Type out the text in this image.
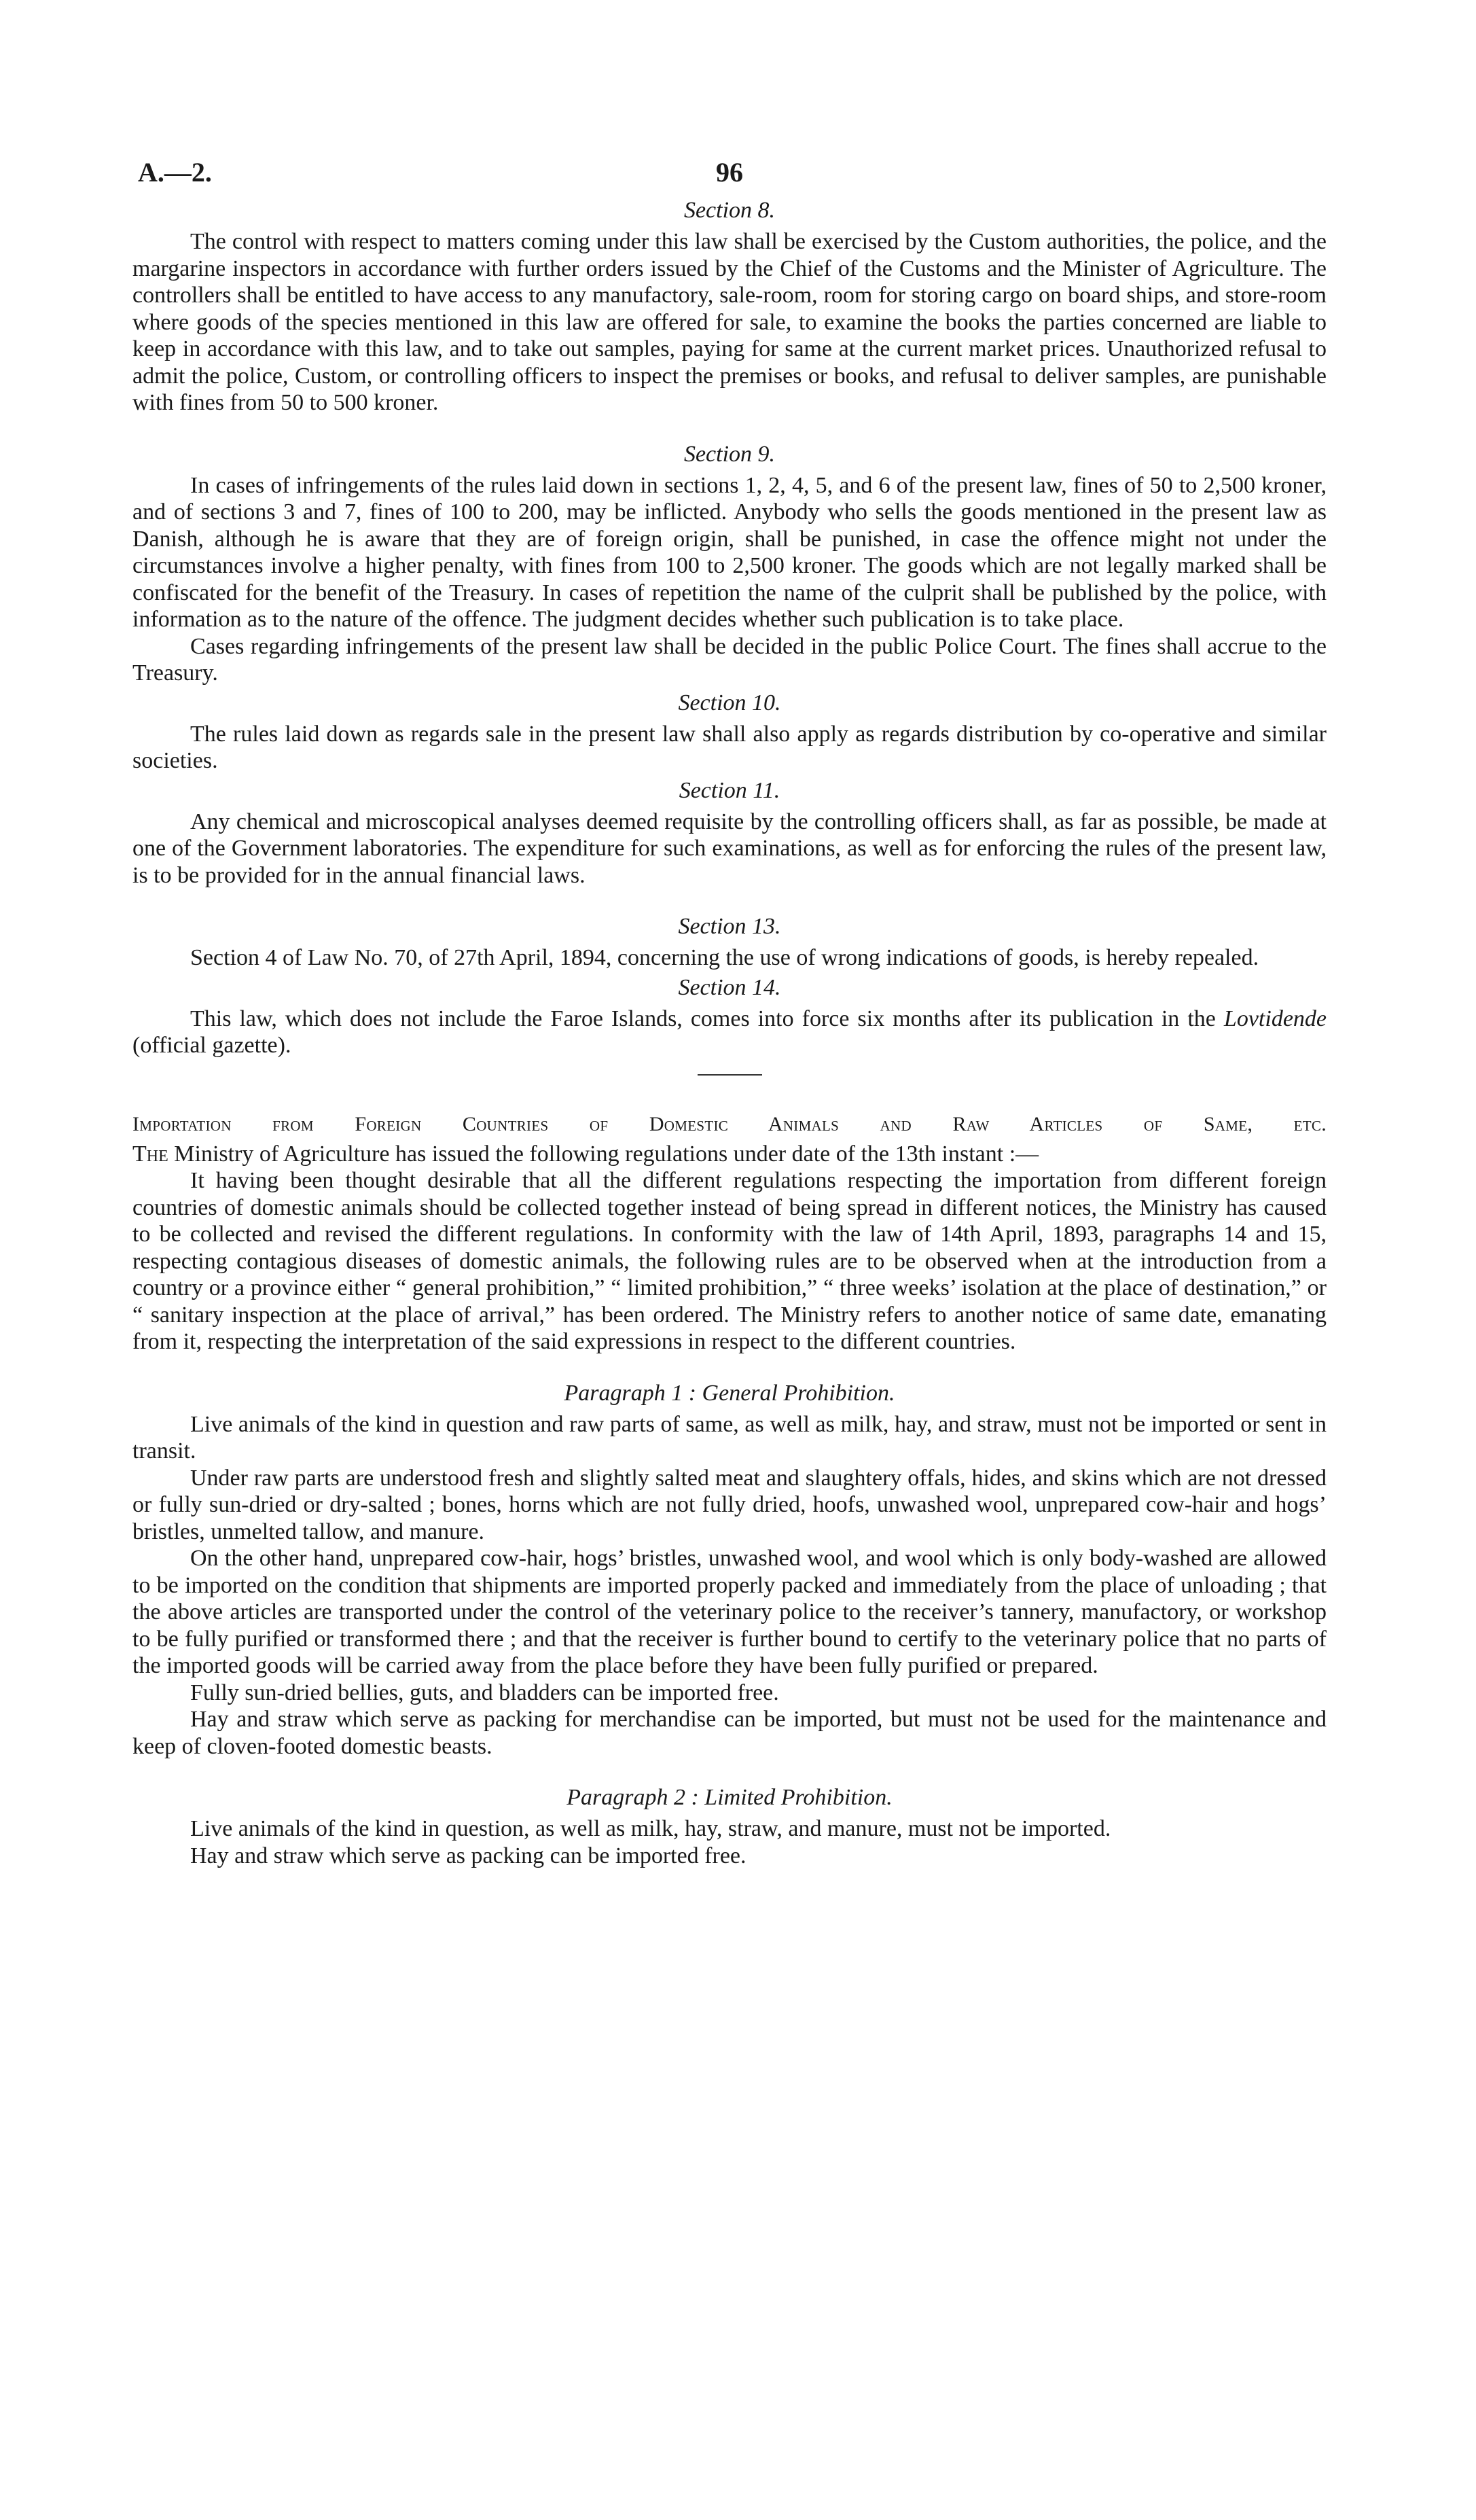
A.—2.	96
Section 8.

The control with respect to matters coming under this law shall be exercised by the Custom authorities, the police, and the margarine inspectors in accordance with further orders issued by the Chief of the Customs and the Minister of Agriculture. The controllers shall be entitled to have access to any manufactory, sale-room, room for storing cargo on board ships, and store-room where goods of the species mentioned in this law are offered for sale, to examine the books the parties concerned are liable to keep in accordance with this law, and to take out samples, paying for same at the current market prices. Unauthorized refusal to admit the police, Custom, or controlling officers to inspect the premises or books, and refusal to deliver samples, are punishable with fines from 50 to 500 kroner.

Section 9.

In cases of infringements of the rules laid down in sections 1, 2, 4, 5, and 6 of the present law, fines of 50 to 2,500 kroner, and of sections 3 and 7, fines of 100 to 200, may be inflicted. Anybody who sells the goods mentioned in the present law as Danish, although he is aware that they are of foreign origin, shall be punished, in case the offence might not under the circumstances involve a higher penalty, with fines from 100 to 2,500 kroner. The goods which are not legally marked shall be confiscated for the benefit of the Treasury. In cases of repetition the name of the culprit shall be published by the police, with information as to the nature of the offence. The judgment decides whether such publication is to take place.

Cases regarding infringements of the present law shall be decided in the public Police Court. The fines shall accrue to the Treasury.

Section 10.

The rules laid down as regards sale in the present law shall also apply as regards distribution by co-operative and similar societies.

Section 11.

Any chemical and microscopical analyses deemed requisite by the controlling officers shall, as far as possible, be made at one of the Government laboratories. The expenditure for such examinations, as well as for enforcing the rules of the present law, is to be provided for in the annual financial laws.

Section 13.

Section 4 of Law No. 70, of 27th April, 1894, concerning the use of wrong indications of goods, is hereby repealed.

Section 14.

This law, which does not include the Faroe Islands, comes into force six months after its publication in the Lovtidende (official gazette).

Importation from Foreign Countries of Domestic Animals and Raw Articles of Same, etc.

The Ministry of Agriculture has issued the following regulations under date of the 13th instant :—

It having been thought desirable that all the different regulations respecting the importation from different foreign countries of domestic animals should be collected together instead of being spread in different notices, the Ministry has caused to be collected and revised the different regulations. In conformity with the law of 14th April, 1893, paragraphs 14 and 15, respecting contagious diseases of domestic animals, the following rules are to be observed when at the introduction from a country or a province either “ general prohibition,” “ limited prohibition,” “ three weeks’ isolation at the place of destination,” or “ sanitary inspection at the place of arrival,” has been ordered. The Ministry refers to another notice of same date, emanating from it, respecting the interpretation of the said expressions in respect to the different countries.

Paragraph 1 : General Prohibition.

Live animals of the kind in question and raw parts of same, as well as milk, hay, and straw, must not be imported or sent in transit.

Under raw parts are understood fresh and slightly salted meat and slaughtery offals, hides, and skins which are not dressed or fully sun-dried or dry-salted ; bones, horns which are not fully dried, hoofs, unwashed wool, unprepared cow-hair and hogs’ bristles, unmelted tallow, and manure.

On the other hand, unprepared cow-hair, hogs’ bristles, unwashed wool, and wool which is only body-washed are allowed to be imported on the condition that shipments are imported properly packed and immediately from the place of unloading ; that the above articles are transported under the control of the veterinary police to the receiver’s tannery, manufactory, or workshop to be fully purified or transformed there ; and that the receiver is further bound to certify to the veterinary police that no parts of the imported goods will be carried away from the place before they have been fully purified or prepared.

Fully sun-dried bellies, guts, and bladders can be imported free.

Hay and straw which serve as packing for merchandise can be imported, but must not be used for the maintenance and keep of cloven-footed domestic beasts.

Paragraph 2 : Limited Prohibition.

Live animals of the kind in question, as well as milk, hay, straw, and manure, must not be imported.

Hay and straw which serve as packing can be imported free.
